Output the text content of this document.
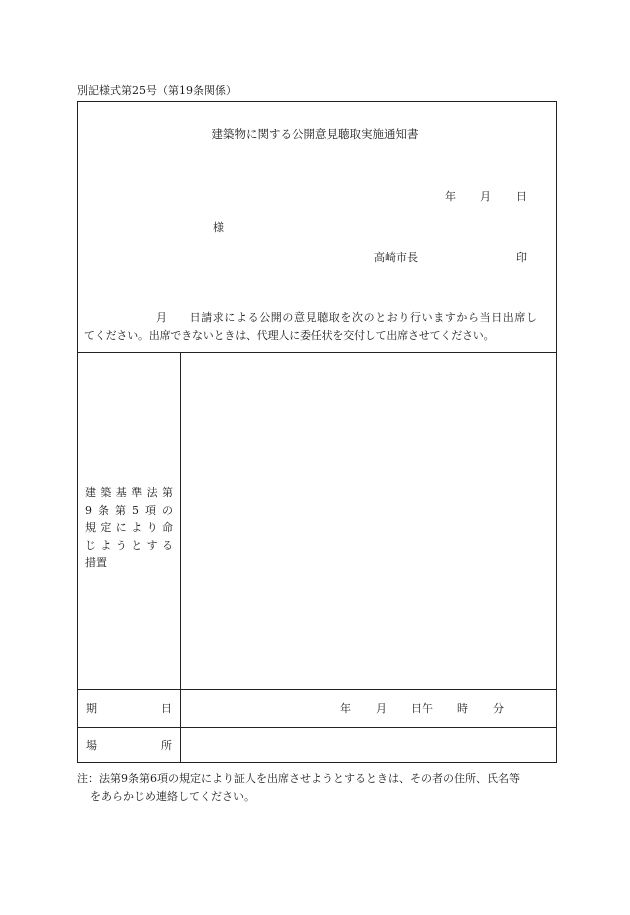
別記様式第25号（第19条関係）
建築物に関する公開意見聴取実施通知書
年 月 日
様
高崎市長	印
月 日請求による公開の意見聴取を次のとおり行いますから当日出席し
てください。出席できないときは、代理人に委任状を交付して出席させてください。
建築基準法第
9条第5項の
規定により命
じようとする
措置
期	日	年 月 日午 時 分
場	所
注：法第9条第6項の規定により証人を出席させようとするときは、その者の住所、氏名等
をあらかじめ連絡してください。
